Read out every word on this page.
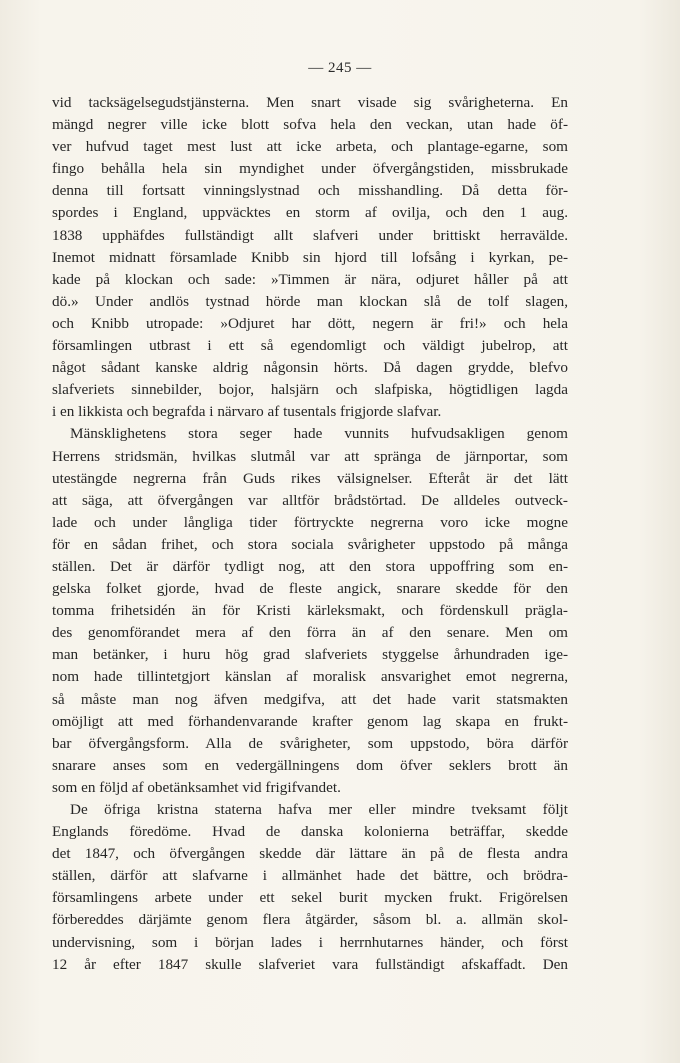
— 245 —
vid tacksägelsegudstjänsterna. Men snart visade sig svårigheterna. En
mängd negrer ville icke blott sofva hela den veckan, utan hade öf-
ver hufvud taget mest lust att icke arbeta, och plantage-egarne, som
fingo behålla hela sin myndighet under öfvergångstiden, missbrukade
denna till fortsatt vinningslystnad och misshandling. Då detta för-
spordes i England, uppväcktes en storm af ovilja, och den 1 aug.
1838 upphäfdes fullständigt allt slafveri under brittiskt herravälde.
Inemot midnatt församlade Knibb sin hjord till lofsång i kyrkan, pe-
kade på klockan och sade: »Timmen är nära, odjuret håller på att
dö.» Under andlös tystnad hörde man klockan slå de tolf slagen,
och Knibb utropade: »Odjuret har dött, negern är fri!» och hela
församlingen utbrast i ett så egendomligt och väldigt jubelrop, att
något sådant kanske aldrig någonsin hörts. Då dagen grydde, blefvo
slafveriets sinnebilder, bojor, halsjärn och slafpiska, högtidligen lagda
i en likkista och begrafda i närvaro af tusentals frigjorde slafvar.
Mänsklighetens stora seger hade vunnits hufvudsakligen genom
Herrens stridsmän, hvilkas slutmål var att spränga de järnportar, som
utestängde negrerna från Guds rikes välsignelser. Efteråt är det lätt
att säga, att öfvergången var alltför brådstörtad. De alldeles outveck-
lade och under långliga tider förtryckte negrerna voro icke mogne
för en sådan frihet, och stora sociala svårigheter uppstodo på många
ställen. Det är därför tydligt nog, att den stora uppoffring som en-
gelska folket gjorde, hvad de fleste angick, snarare skedde för den
tomma frihetsidén än för Kristi kärleksmakt, och fördenskull prägla-
des genomförandet mera af den förra än af den senare. Men om
man betänker, i huru hög grad slafveriets styggelse århundraden ige-
nom hade tillintetgjort känslan af moralisk ansvarighet emot negrerna,
så måste man nog äfven medgifva, att det hade varit statsmakten
omöjligt att med förhandenvarande krafter genom lag skapa en frukt-
bar öfvergångsform. Alla de svårigheter, som uppstodo, böra därför
snarare anses som en vedergällningens dom öfver seklers brott än
som en följd af obetänksamhet vid frigifvandet.
De öfriga kristna staterna hafva mer eller mindre tveksamt följt
Englands föredöme. Hvad de danska kolonierna beträffar, skedde
det 1847, och öfvergången skedde där lättare än på de flesta andra
ställen, därför att slafvarne i allmänhet hade det bättre, och brödra-
församlingens arbete under ett sekel burit mycken frukt. Frigörelsen
förbereddes därjämte genom flera åtgärder, såsom bl. a. allmän skol-
undervisning, som i början lades i herrnhutarnes händer, och först
12 år efter 1847 skulle slafveriet vara fullständigt afskaffadt. Den
